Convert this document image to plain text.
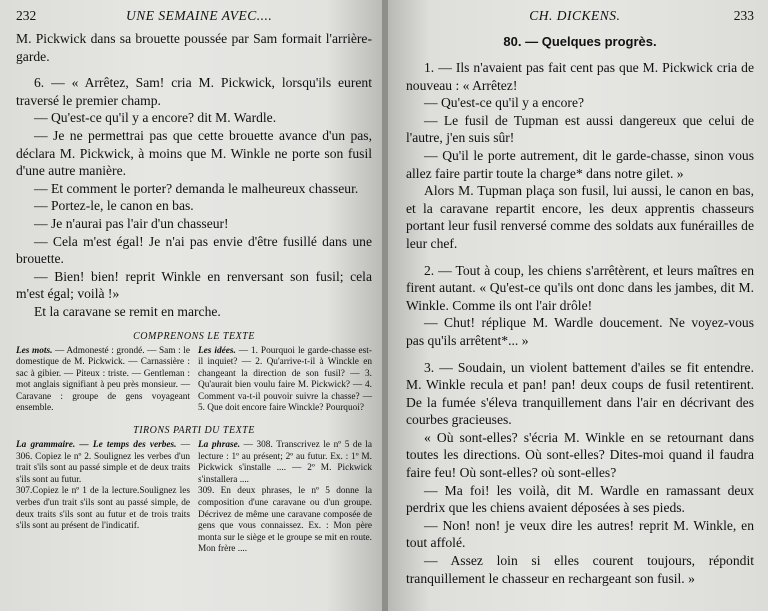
232	UNE SEMAINE AVEC....

M. Pickwick dans sa brouette poussée par Sam formait l'arrière-garde.

6. — « Arrêtez, Sam! cria M. Pickwick, lorsqu'ils eurent traversé le premier champ.

— Qu'est-ce qu'il y a encore? dit M. Wardle.

— Je ne permettrai pas que cette brouette avance d'un pas, déclara M. Pickwick, à moins que M. Winkle ne porte son fusil d'une autre manière.

— Et comment le porter? demanda le malheureux chasseur.

— Portez-le, le canon en bas.

— Je n'aurai pas l'air d'un chasseur!

— Cela m'est égal! Je n'ai pas envie d'être fusillé dans une brouette.

— Bien! bien! reprit Winkle en renversant son fusil; cela m'est égal; voilà !»

Et la caravane se remit en marche.

COMPRENONS LE TEXTE
Les mots. — Admonesté : grondé. — Sam : le domestique de M. Pickwick. — Carnassière : sac à gibier. — Piteux : triste. — Gentleman : mot anglais signifiant à peu près monsieur. — Caravane : groupe de gens voyageant ensemble.
Les idées. — 1. Pourquoi le garde-chasse est-il inquiet? — 2. Qu'arrive-t-il à Winckle en changeant la direction de son fusil? — 3. Qu'aurait bien voulu faire M. Pickwick? — 4. Comment va-t-il pouvoir suivre la chasse? — 5. Que doit encore faire Winckle? Pourquoi?
TIRONS PARTI DU TEXTE
La grammaire. — Le temps des verbes. — 306. Copiez le nº 2. Soulignez les verbes d'un trait s'ils sont au passé simple et de deux traits s'ils sont au futur.
307.Copiez le nº 1 de la lecture.Soulignez les verbes d'un trait s'ils sont au passé simple, de deux traits s'ils sont au futur et de trois traits s'ils sont au présent de l'indicatif.
La phrase. — 308. Transcrivez le nº 5 de la lecture : 1º au présent; 2º au futur. Ex. : 1º M. Pickwick s'installe .... — 2º M. Pickwick s'installera ....
309. En deux phrases, le nº 5 donne la composition d'une caravane ou d'un groupe. Décrivez de même une caravane composée de gens que vous connaissez. Ex. : Mon père monta sur le siège et le groupe se mit en route. Mon frère ....
CH. DICKENS.	233
80. — Quelques progrès.

1. — Ils n'avaient pas fait cent pas que M. Pickwick cria de nouveau : « Arrêtez!

— Qu'est-ce qu'il y a encore?

— Le fusil de Tupman est aussi dangereux que celui de l'autre, j'en suis sûr!

— Qu'il le porte autrement, dit le garde-chasse, sinon vous allez faire partir toute la charge* dans notre gilet. »

Alors M. Tupman plaça son fusil, lui aussi, le canon en bas, et la caravane repartit encore, les deux apprentis chasseurs portant leur fusil renversé comme des soldats aux funérailles de leur chef.

2. — Tout à coup, les chiens s'arrêtèrent, et leurs maîtres en firent autant. « Qu'est-ce qu'ils ont donc dans les jambes, dit M. Winkle. Comme ils ont l'air drôle!

— Chut! réplique M. Wardle doucement. Ne voyez-vous pas qu'ils arrêtent*... »

3. — Soudain, un violent battement d'ailes se fit entendre. M. Winkle recula et pan! pan! deux coups de fusil retentirent. De la fumée s'éleva tranquillement dans l'air en décrivant des courbes gracieuses.

« Où sont-elles? s'écria M. Winkle en se retournant dans toutes les directions. Où sont-elles? Dites-moi quand il faudra faire feu! Où sont-elles? où sont-elles?

— Ma foi! les voilà, dit M. Wardle en ramassant deux perdrix que les chiens avaient déposées à ses pieds.

— Non! non! je veux dire les autres! reprit M. Winkle, en tout affolé.

— Assez loin si elles courent toujours, répondit tranquillement le chasseur en rechargeant son fusil. »
